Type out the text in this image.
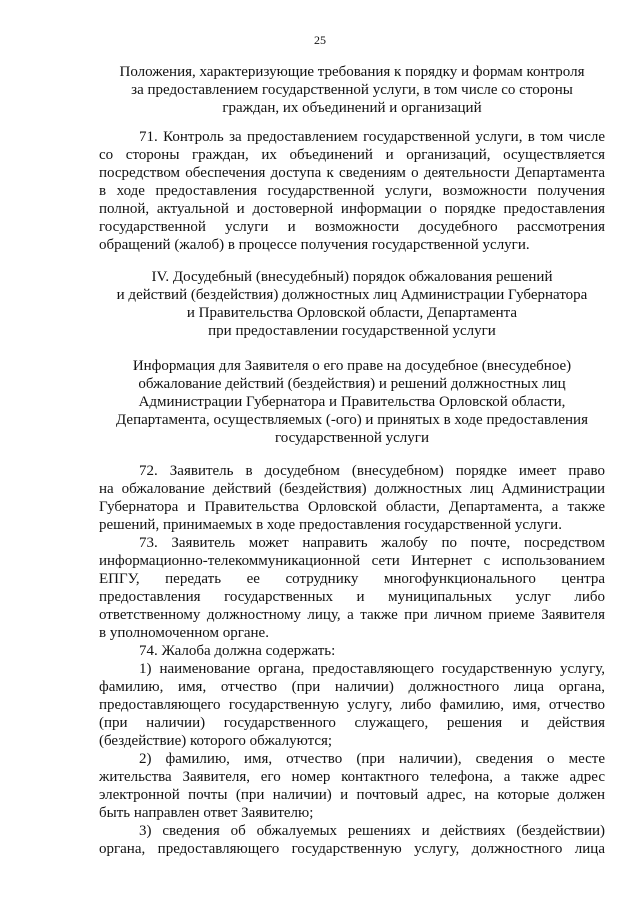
25
Положения, характеризующие требования к порядку и формам контроля
за предоставлением государственной услуги, в том числе со стороны
граждан, их объединений и организаций
71. Контроль за предоставлением государственной услуги, в том числе
со стороны граждан, их объединений и организаций, осуществляется
посредством обеспечения доступа к сведениям о деятельности Департамента
в ходе предоставления государственной услуги, возможности получения
полной, актуальной и достоверной информации о порядке предоставления
государственной услуги и возможности досудебного рассмотрения
обращений (жалоб) в процессе получения государственной услуги.
IV. Досудебный (внесудебный) порядок обжалования решений
и действий (бездействия) должностных лиц Администрации Губернатора
и Правительства Орловской области, Департамента
при предоставлении государственной услуги
Информация для Заявителя о его праве на досудебное (внесудебное)
обжалование действий (бездействия) и решений должностных лиц
Администрации Губернатора и Правительства Орловской области,
Департамента, осуществляемых (-ого) и принятых в ходе предоставления
государственной услуги
72. Заявитель в досудебном (внесудебном) порядке имеет право
на обжалование действий (бездействия) должностных лиц Администрации
Губернатора и Правительства Орловской области, Департамента, а также
решений, принимаемых в ходе предоставления государственной услуги.
73. Заявитель может направить жалобу по почте, посредством
информационно-телекоммуникационной сети Интернет с использованием
ЕПГУ, передать ее сотруднику многофункционального центра
предоставления государственных и муниципальных услуг либо
ответственному должностному лицу, а также при личном приеме Заявителя
в уполномоченном органе.
74. Жалоба должна содержать:
1) наименование органа, предоставляющего государственную услугу,
фамилию, имя, отчество (при наличии) должностного лица органа,
предоставляющего государственную услугу, либо фамилию, имя, отчество
(при наличии) государственного служащего, решения и действия
(бездействие) которого обжалуются;
2) фамилию, имя, отчество (при наличии), сведения о месте
жительства Заявителя, его номер контактного телефона, а также адрес
электронной почты (при наличии) и почтовый адрес, на которые должен
быть направлен ответ Заявителю;
3) сведения об обжалуемых решениях и действиях (бездействии)
органа, предоставляющего государственную услугу, должностного лица
